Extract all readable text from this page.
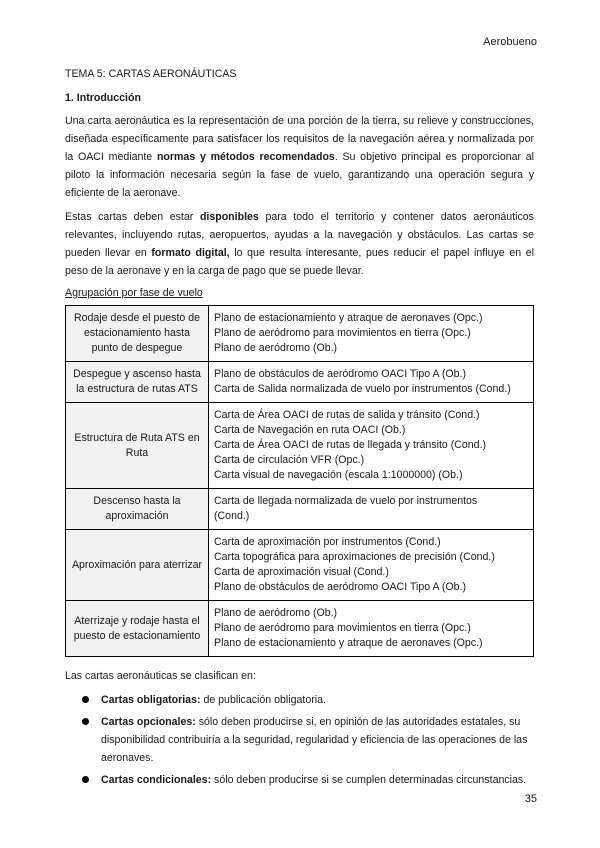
Aerobueno
TEMA 5: CARTAS AERONÁUTICAS
1. Introducción

Una carta aeronáutica es la representación de una porción de la tierra, su relieve y construcciones, diseñada específicamente para satisfacer los requisitos de la navegación aérea y normalizada por la OACI mediante normas y métodos recomendados. Su objetivo principal es proporcionar al piloto la información necesaria según la fase de vuelo, garantizando una operación segura y eficiente de la aeronave.

Estas cartas deben estar disponibles para todo el territorio y contener datos aeronáuticos relevantes, incluyendo rutas, aeropuertos, ayudas a la navegación y obstáculos. Las cartas se pueden llevar en formato digital, lo que resulta interesante, pues reducir el papel influye en el peso de la aeronave y en la carga de pago que se puede llevar.

Agrupación por fase de vuelo
Rodaje desde el puesto de estacionamiento hasta punto de despegue	Plano de estacionamiento y atraque de aeronaves (Opc.)
Plano de aeródromo para movimientos en tierra (Opc.)
Plano de aeródromo (Ob.)

Despegue y ascenso hasta la estructura de rutas ATS	Plano de obstáculos de aeródromo OACI Tipo A (Ob.)
Carta de Salida normalizada de vuelo por instrumentos (Cond.)

Estructura de Ruta ATS en Ruta	Carta de Área OACI de rutas de salida y tránsito (Cond.)
Carta de Navegación en ruta OACI (Ob.)
Carta de Área OACI de rutas de llegada y tránsito (Cond.)
Carta de circulación VFR (Opc.)
Carta visual de navegación (escala 1:1000000) (Ob.)

Descenso hasta la aproximación	Carta de llegada normalizada de vuelo por instrumentos
(Cond.)

Aproximación para aterrizar	Carta de aproximación por instrumentos (Cond.)
Carta topográfica para aproximaciones de precisión (Cond.)
Carta de aproximación visual (Cond.)
Plano de obstáculos de aeródromo OACI Tipo A (Ob.)

Aterrizaje y rodaje hasta el puesto de estacionamiento	Plano de aeródromo (Ob.)
Plano de aeródromo para movimientos en tierra (Opc.)
Plano de estacionamiento y atraque de aeronaves (Opc.)
Las cartas aeronáuticas se clasifican en:
Cartas obligatorias: de publicación obligatoria.
Cartas opcionales: sólo deben producirse si, en opinión de las autoridades estatales, su disponibilidad contribuiría a la seguridad, regularidad y eficiencia de las operaciones de las aeronaves.
Cartas condicionales: sólo deben producirse si se cumplen determinadas circunstancias.
35
